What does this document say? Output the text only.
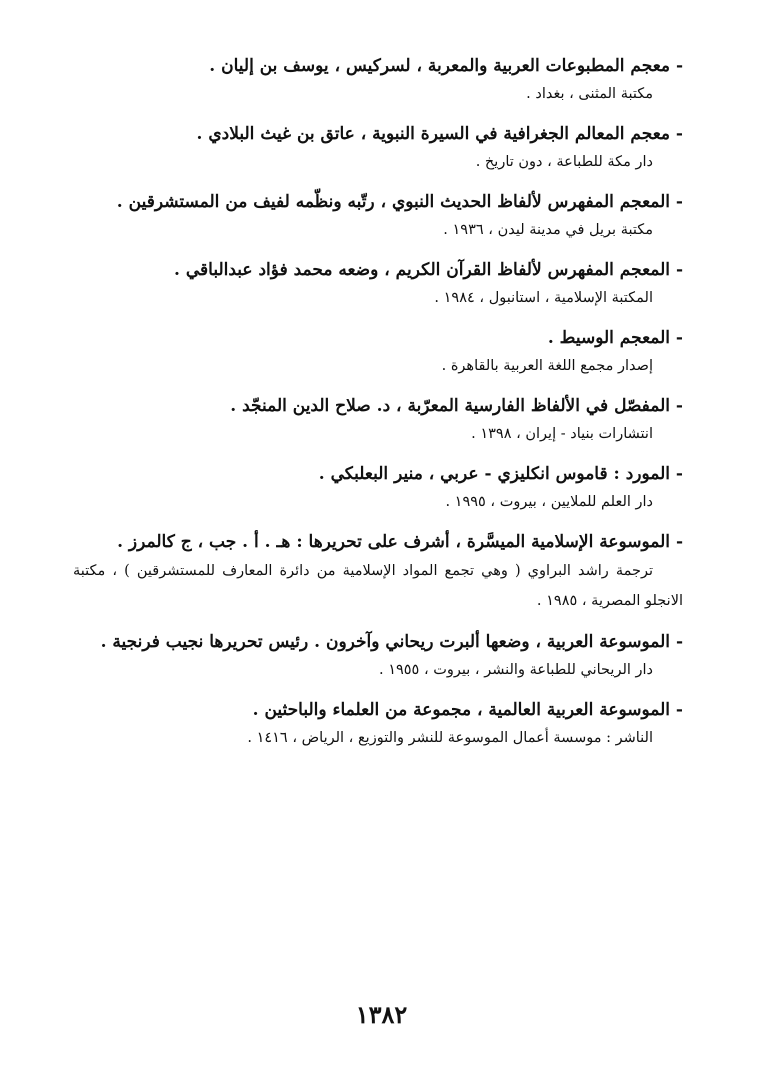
- معجم المطبوعات العربية والمعربة ، لسركيس ، يوسف بن إليان .

مكتبة المثنى ، بغداد .

- معجم المعالم الجغرافية في السيرة النبوية ، عاتق بن غيث البلادي .

دار مكة للطباعة ، دون تاريخ .

- المعجم المفهرس لألفاظ الحديث النبوي ، رتّبه ونظّمه لفيف من المستشرقين .

مكتبة بريل في مدينة ليدن ، ١٩٣٦ .

- المعجم المفهرس لألفاظ القرآن الكريم ، وضعه محمد فؤاد عبدالباقي .

المكتبة الإسلامية ، استانبول ، ١٩٨٤ .

- المعجم الوسيط .

إصدار مجمع اللغة العربية بالقاهرة .

- المفصّل في الألفاظ الفارسية المعرّبة ، د. صلاح الدين المنجّد .

انتشارات بنياد - إيران ، ١٣٩٨ .

- المورد : قاموس انكليزي - عربي ، منير البعلبكي .

دار العلم للملايين ، بيروت ، ١٩٩٥ .

- الموسوعة الإسلامية الميسَّرة ، أشرف على تحريرها : هـ . أ . جب ، ج كالمرز .

ترجمة راشد البراوي ( وهي تجمع المواد الإسلامية من دائرة المعارف للمستشرقين ) ، مكتبة الانجلو المصرية ، ١٩٨٥ .

- الموسوعة العربية ، وضعها ألبرت ريحاني وآخرون . رئيس تحريرها نجيب فرنجية .

دار الريحاني للطباعة والنشر ، بيروت ، ١٩٥٥ .

- الموسوعة العربية العالمية ، مجموعة من العلماء والباحثين .

الناشر : موسسة أعمال الموسوعة للنشر والتوزيع ، الرياض ، ١٤١٦ .

١٣٨٢
